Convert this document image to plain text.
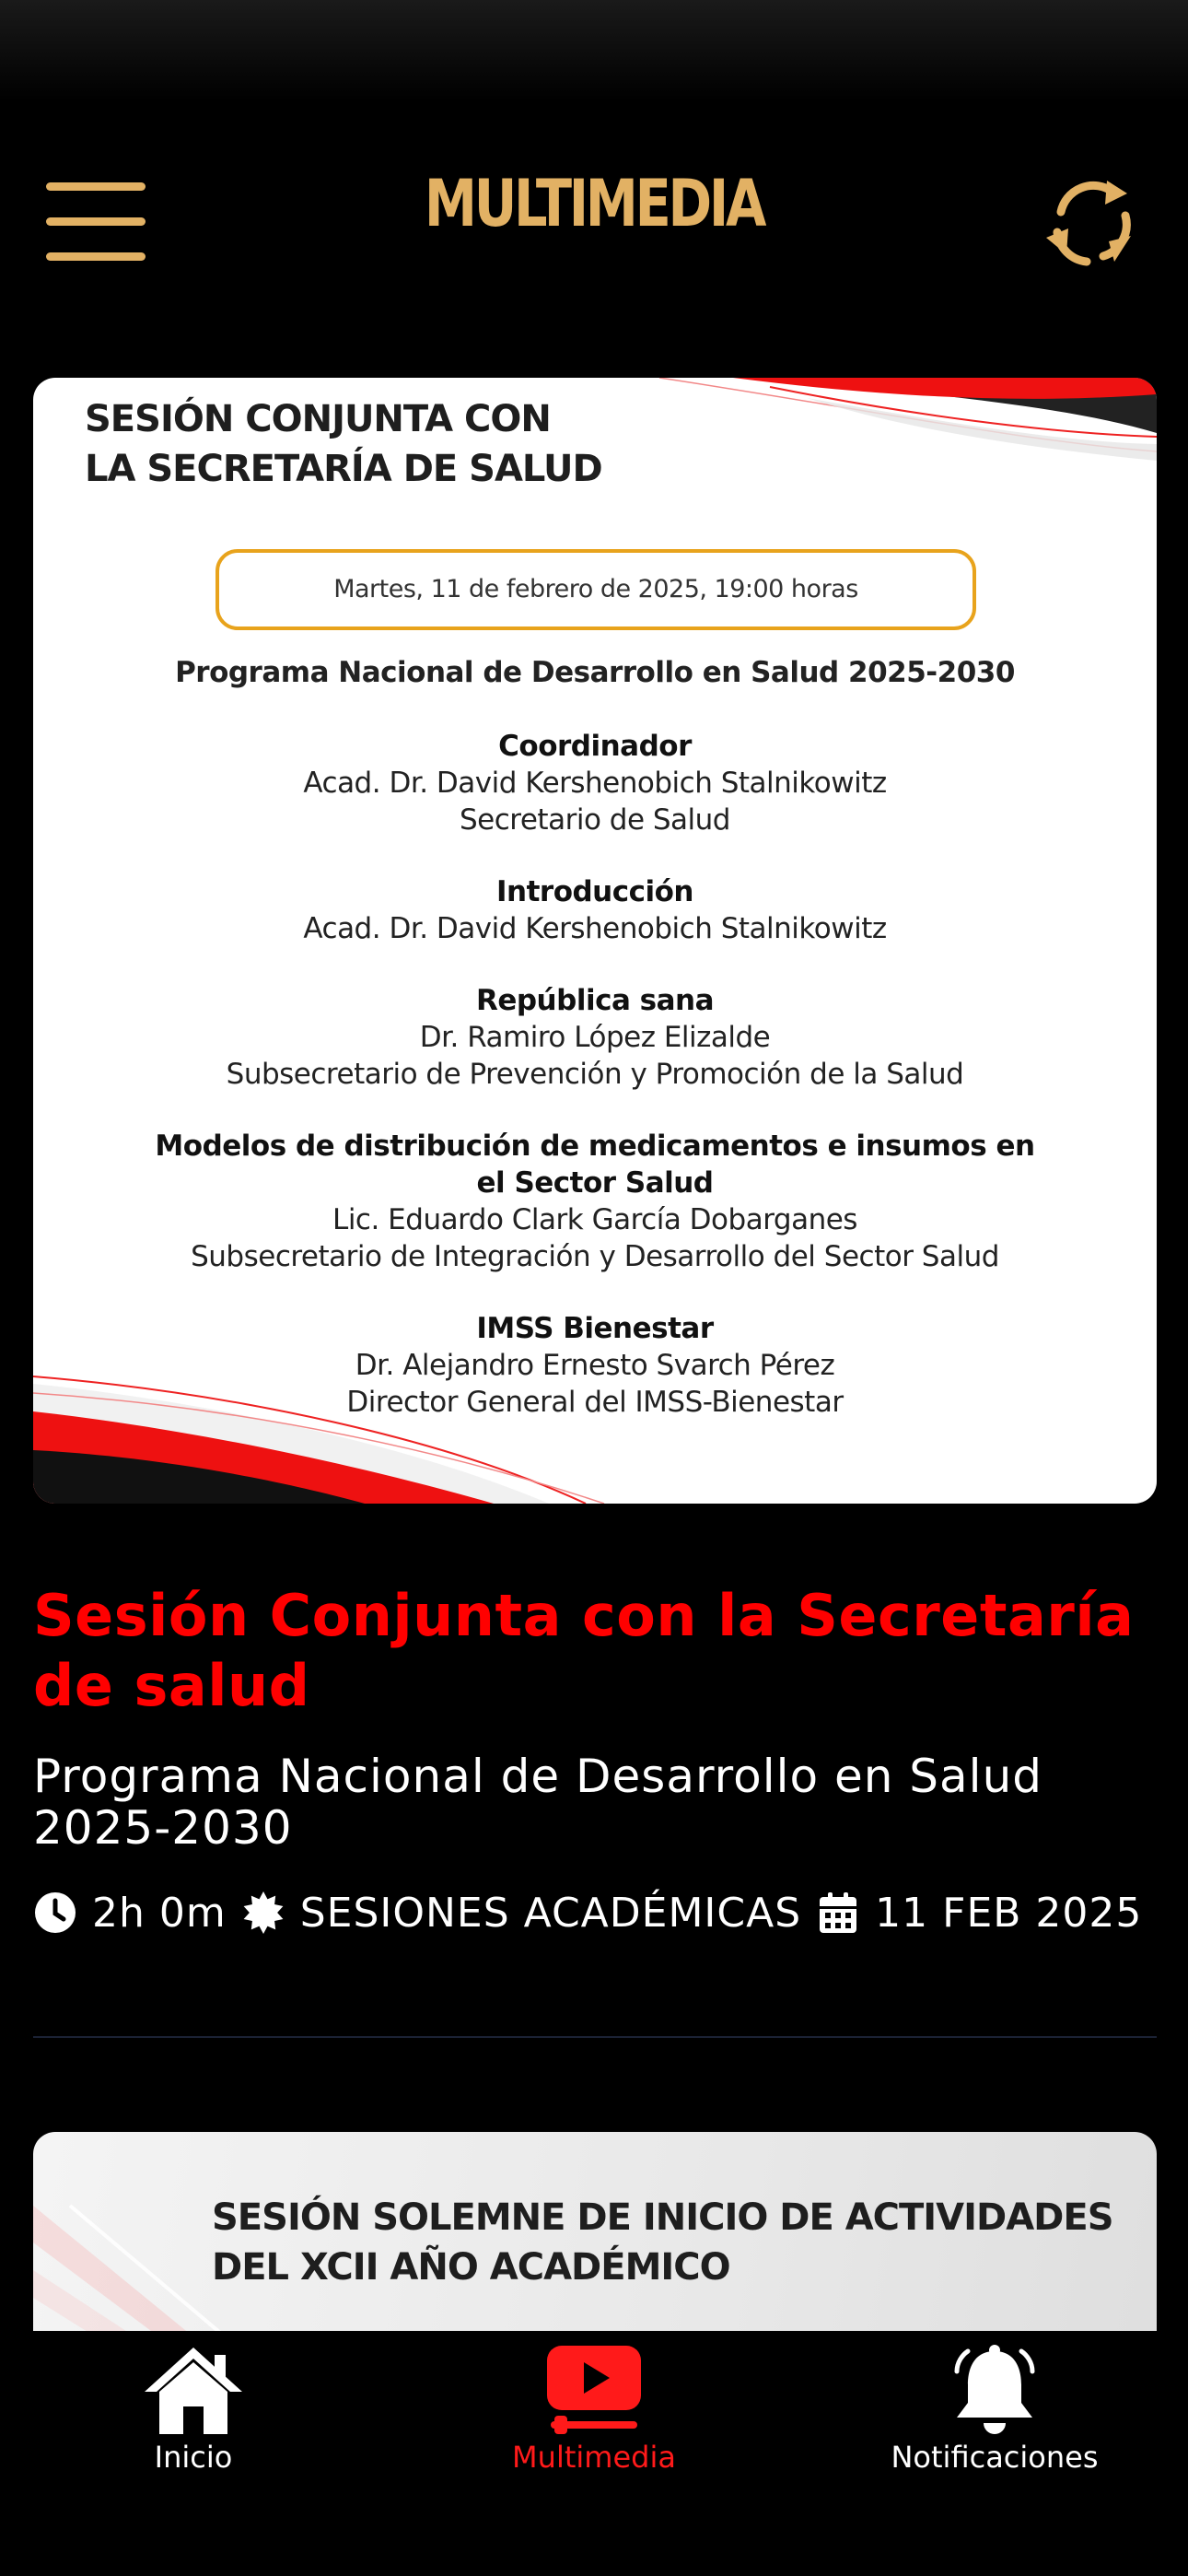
MULTIMEDIA
SESIÓN CONJUNTA CON
LA SECRETARÍA DE SALUD
Martes, 11 de febrero de 2025, 19:00 horas
Programa Nacional de Desarrollo en Salud 2025-2030
Coordinador
Acad. Dr. David Kershenobich Stalnikowitz
Secretario de Salud
Introducción
Acad. Dr. David Kershenobich Stalnikowitz
República sana
Dr. Ramiro López Elizalde
Subsecretario de Prevención y Promoción de la Salud
Modelos de distribución de medicamentos e insumos en
el Sector Salud
Lic. Eduardo Clark García Dobarganes
Subsecretario de Integración y Desarrollo del Sector Salud
IMSS Bienestar
Dr. Alejandro Ernesto Svarch Pérez
Director General del IMSS-Bienestar
Sesión Conjunta con la Secretaría de salud
Programa Nacional de Desarrollo en Salud 2025-2030
2h 0m SESIONES ACADÉMICAS 11 FEB 2025
SESIÓN SOLEMNE DE INICIO DE ACTIVIDADES
DEL XCII AÑO ACADÉMICO
Inicio	Multimedia	Notificaciones
